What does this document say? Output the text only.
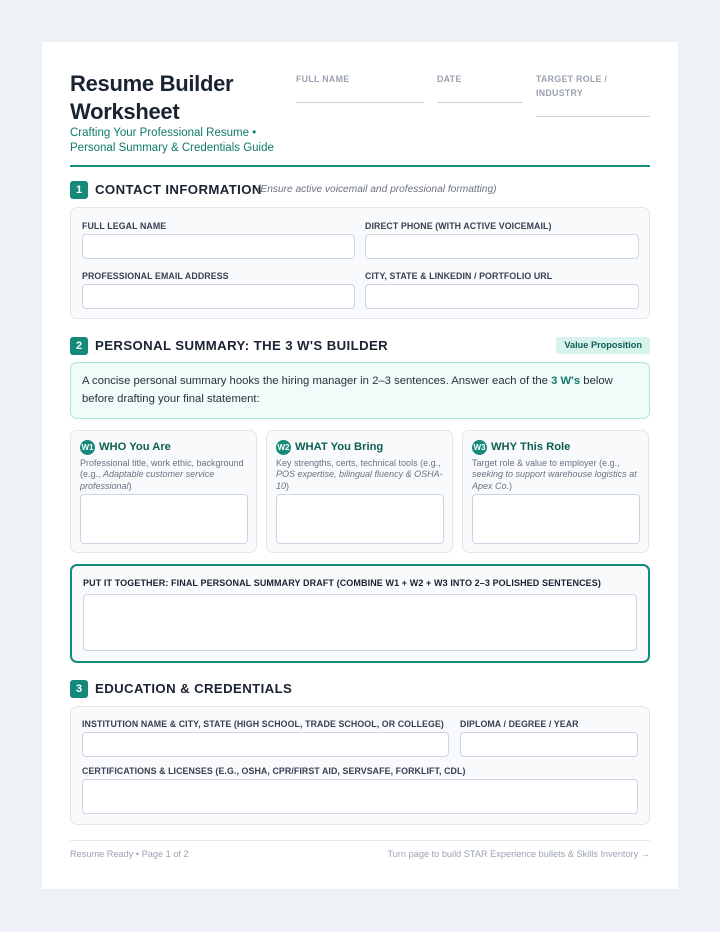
Resume Builder Worksheet
Crafting Your Professional Resume • Personal Summary & Credentials Guide
FULL NAME	DATE	TARGET ROLE / INDUSTRY
1 CONTACT INFORMATION
(Ensure active voicemail and professional formatting)
FULL LEGAL NAME	DIRECT PHONE (WITH ACTIVE VOICEMAIL)
PROFESSIONAL EMAIL ADDRESS	CITY, STATE & LINKEDIN / PORTFOLIO URL
2 PERSONAL SUMMARY: THE 3 W'S BUILDER	Value Proposition
A concise personal summary hooks the hiring manager in 2–3 sentences. Answer each of the 3 W's below before drafting your final statement:
W1 WHO You Are
Professional title, work ethic, background (e.g., Adaptable customer service professional)
W2 WHAT You Bring
Key strengths, certs, technical tools (e.g., POS expertise, bilingual fluency & OSHA-10)
W3 WHY This Role
Target role & value to employer (e.g., seeking to support warehouse logistics at Apex Co.)
PUT IT TOGETHER: FINAL PERSONAL SUMMARY DRAFT (COMBINE W1 + W2 + W3 INTO 2–3 POLISHED SENTENCES)
3 EDUCATION & CREDENTIALS
INSTITUTION NAME & CITY, STATE (HIGH SCHOOL, TRADE SCHOOL, OR COLLEGE) DIPLOMA / DEGREE / YEAR
CERTIFICATIONS & LICENSES (E.G., OSHA, CPR/FIRST AID, SERVSAFE, FORKLIFT, CDL)
Resume Ready • Page 1 of 2	Turn page to build STAR Experience bullets & Skills Inventory →
